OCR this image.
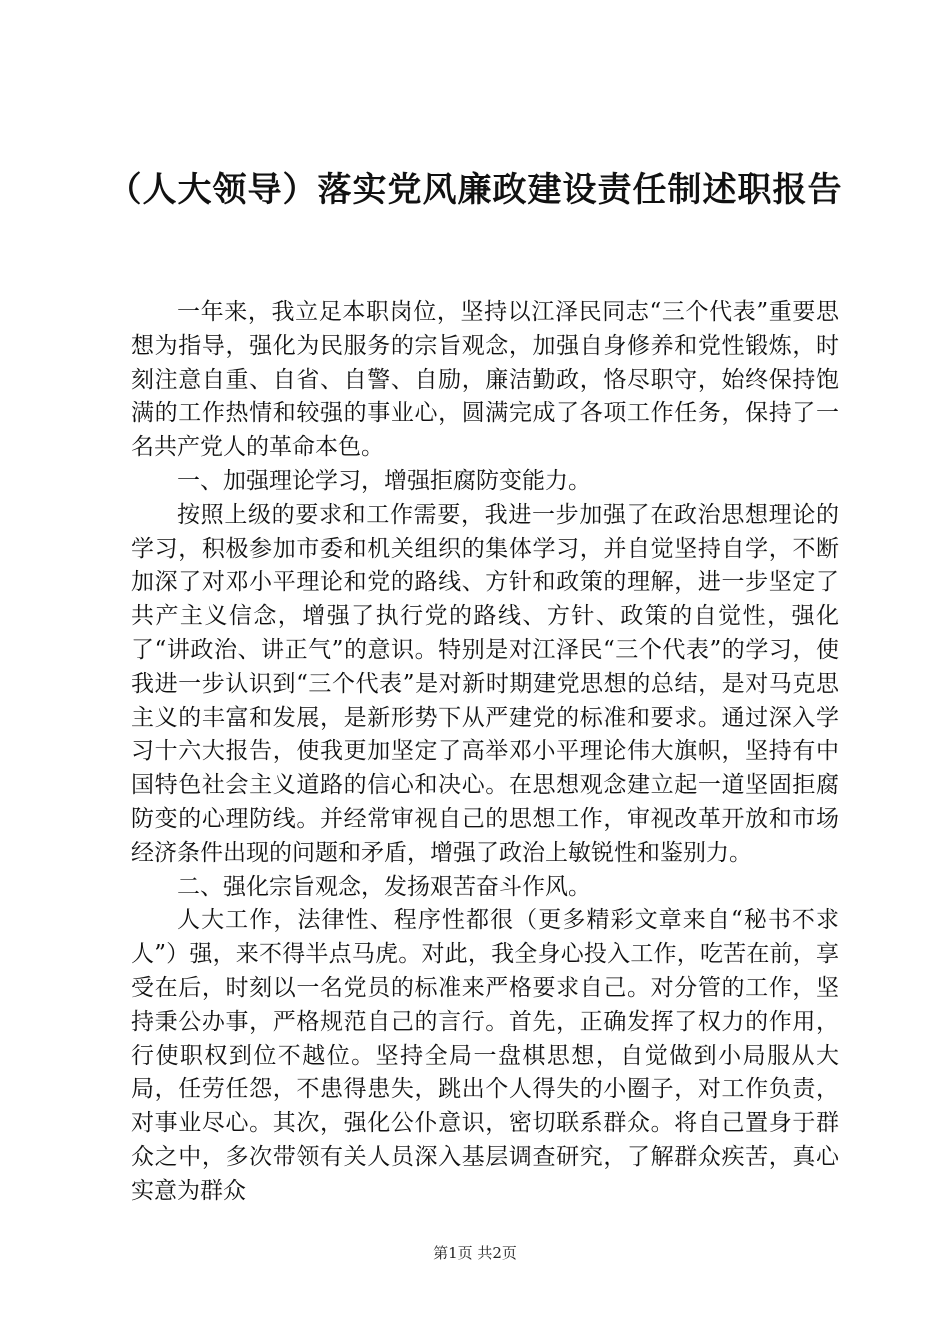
（人大领导）落实党风廉政建设责任制述职报告

一年来，我立足本职岗位，坚持以江泽民同志“三个代表”重要思想为指导，强化为民服务的宗旨观念，加强自身修养和党性锻炼，时刻注意自重、自省、自警、自励，廉洁勤政，恪尽职守，始终保持饱满的工作热情和较强的事业心，圆满完成了各项工作任务，保持了一名共产党人的革命本色。

一、加强理论学习，增强拒腐防变能力。

按照上级的要求和工作需要，我进一步加强了在政治思想理论的学习，积极参加市委和机关组织的集体学习，并自觉坚持自学，不断加深了对邓小平理论和党的路线、方针和政策的理解，进一步坚定了共产主义信念，增强了执行党的路线、方针、政策的自觉性，强化了“讲政治、讲正气”的意识。特别是对江泽民“三个代表”的学习，使我进一步认识到“三个代表”是对新时期建党思想的总结，是对马克思主义的丰富和发展，是新形势下从严建党的标准和要求。通过深入学习十六大报告，使我更加坚定了高举邓小平理论伟大旗帜，坚持有中国特色社会主义道路的信心和决心。在思想观念建立起一道坚固拒腐防变的心理防线。并经常审视自己的思想工作，审视改革开放和市场经济条件出现的问题和矛盾，增强了政治上敏锐性和鉴别力。

二、强化宗旨观念，发扬艰苦奋斗作风。

人大工作，法律性、程序性都很（更多精彩文章来自“秘书不求人”）强，来不得半点马虎。对此，我全身心投入工作，吃苦在前，享受在后，时刻以一名党员的标准来严格要求自己。对分管的工作，坚持秉公办事，严格规范自己的言行。首先，正确发挥了权力的作用，行使职权到位不越位。坚持全局一盘棋思想，自觉做到小局服从大局，任劳任怨，不患得患失，跳出个人得失的小圈子，对工作负责，对事业尽心。其次，强化公仆意识，密切联系群众。将自己置身于群众之中，多次带领有关人员深入基层调查研究，了解群众疾苦，真心实意为群众

第1页 共2页
